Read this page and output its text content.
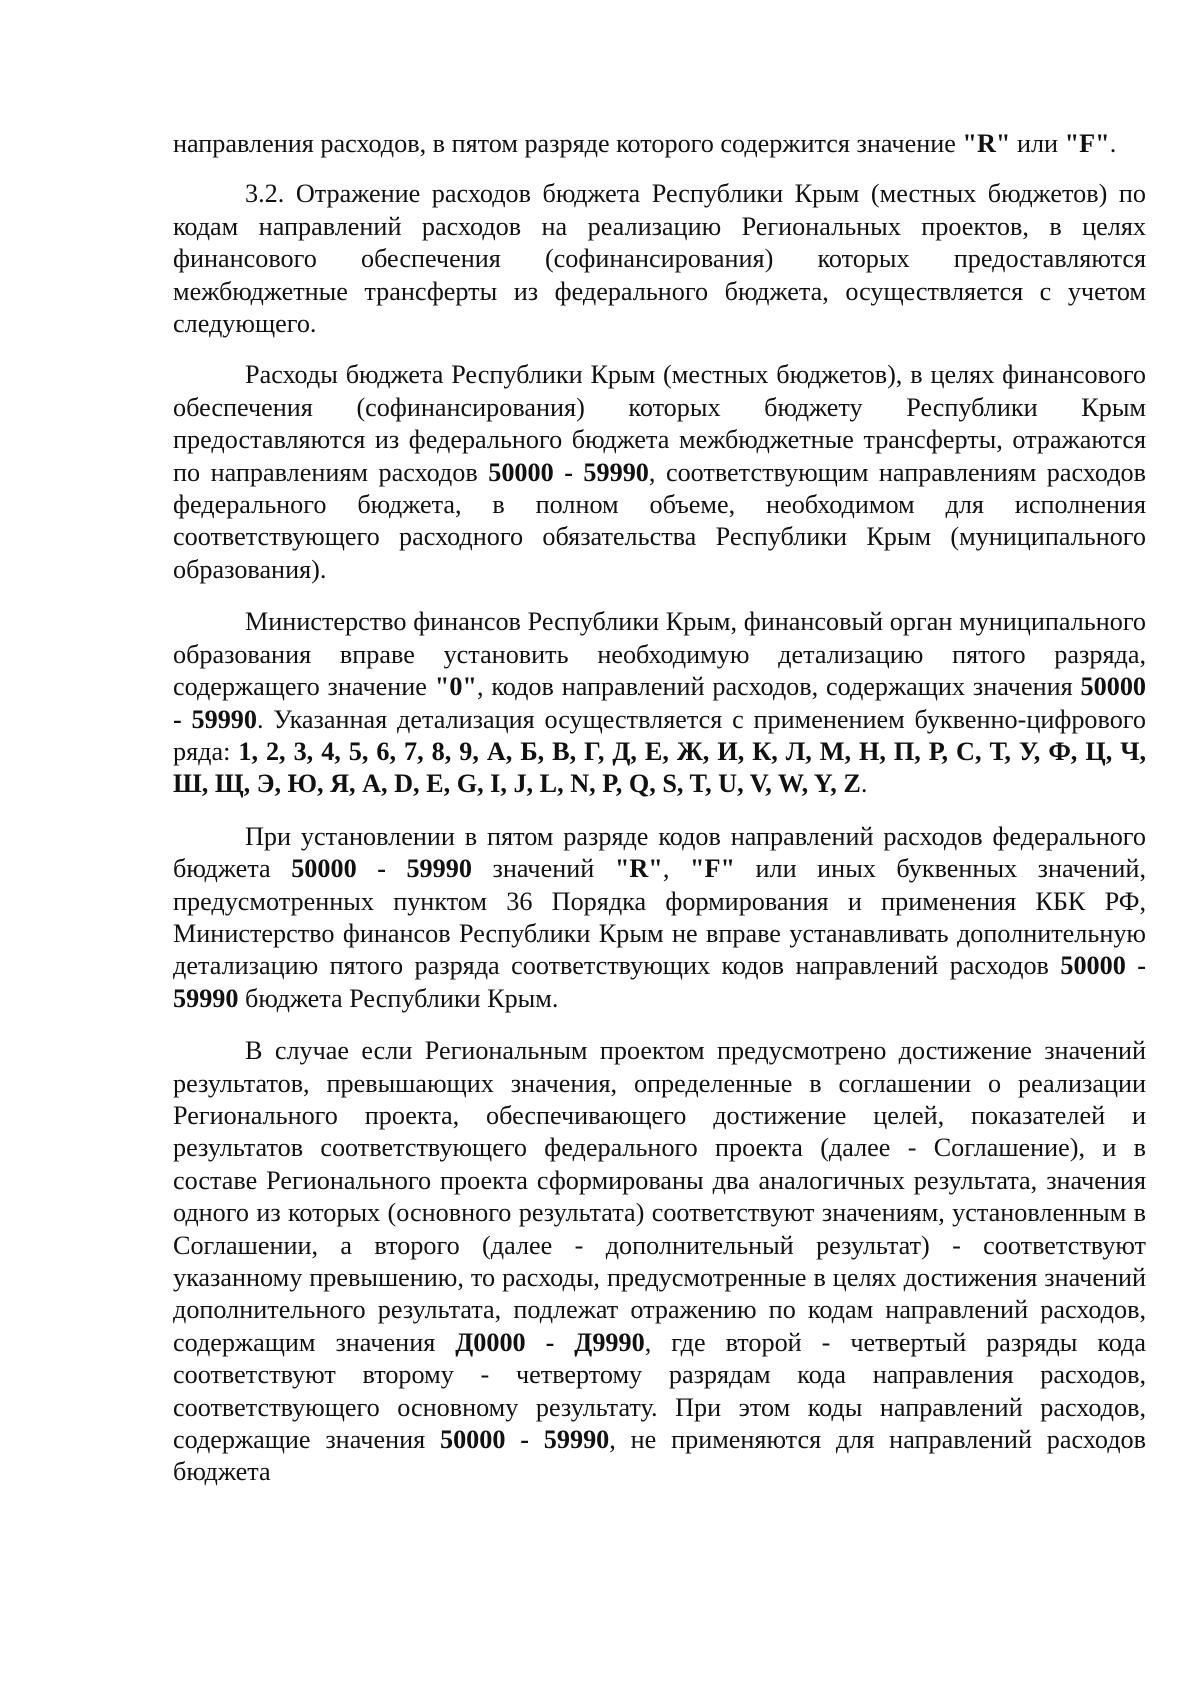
направления расходов, в пятом разряде которого содержится значение "R" или "F".

3.2. Отражение расходов бюджета Республики Крым (местных бюджетов) по кодам направлений расходов на реализацию Региональных проектов, в целях финансового обеспечения (софинансирования) которых предоставляются межбюджетные трансферты из федерального бюджета, осуществляется с учетом следующего.

Расходы бюджета Республики Крым (местных бюджетов), в целях финансового обеспечения (софинансирования) которых бюджету Республики Крым предоставляются из федерального бюджета межбюджетные трансферты, отражаются по направлениям расходов 50000 - 59990, соответствующим направлениям расходов федерального бюджета, в полном объеме, необходимом для исполнения соответствующего расходного обязательства Республики Крым (муниципального образования).

Министерство финансов Республики Крым, финансовый орган муниципального образования вправе установить необходимую детализацию пятого разряда, содержащего значение "0", кодов направлений расходов, содержащих значения 50000 - 59990. Указанная детализация осуществляется с применением буквенно-цифрового ряда: 1, 2, 3, 4, 5, 6, 7, 8, 9, А, Б, В, Г, Д, Е, Ж, И, К, Л, М, Н, П, Р, С, Т, У, Ф, Ц, Ч, Ш, Щ, Э, Ю, Я, A, D, E, G, I, J, L, N, P, Q, S, T, U, V, W, Y, Z.

При установлении в пятом разряде кодов направлений расходов федерального бюджета 50000 - 59990 значений "R", "F" или иных буквенных значений, предусмотренных пунктом 36 Порядка формирования и применения КБК РФ, Министерство финансов Республики Крым не вправе устанавливать дополнительную детализацию пятого разряда соответствующих кодов направлений расходов 50000 - 59990 бюджета Республики Крым.

В случае если Региональным проектом предусмотрено достижение значений результатов, превышающих значения, определенные в соглашении о реализации Регионального проекта, обеспечивающего достижение целей, показателей и результатов соответствующего федерального проекта (далее - Соглашение), и в составе Регионального проекта сформированы два аналогичных результата, значения одного из которых (основного результата) соответствуют значениям, установленным в Соглашении, а второго (далее - дополнительный результат) - соответствуют указанному превышению, то расходы, предусмотренные в целях достижения значений дополнительного результата, подлежат отражению по кодам направлений расходов, содержащим значения Д0000 - Д9990, где второй - четвертый разряды кода соответствуют второму - четвертому разрядам кода направления расходов, соответствующего основному результату. При этом коды направлений расходов, содержащие значения 50000 - 59990, не применяются для направлений расходов бюджета
